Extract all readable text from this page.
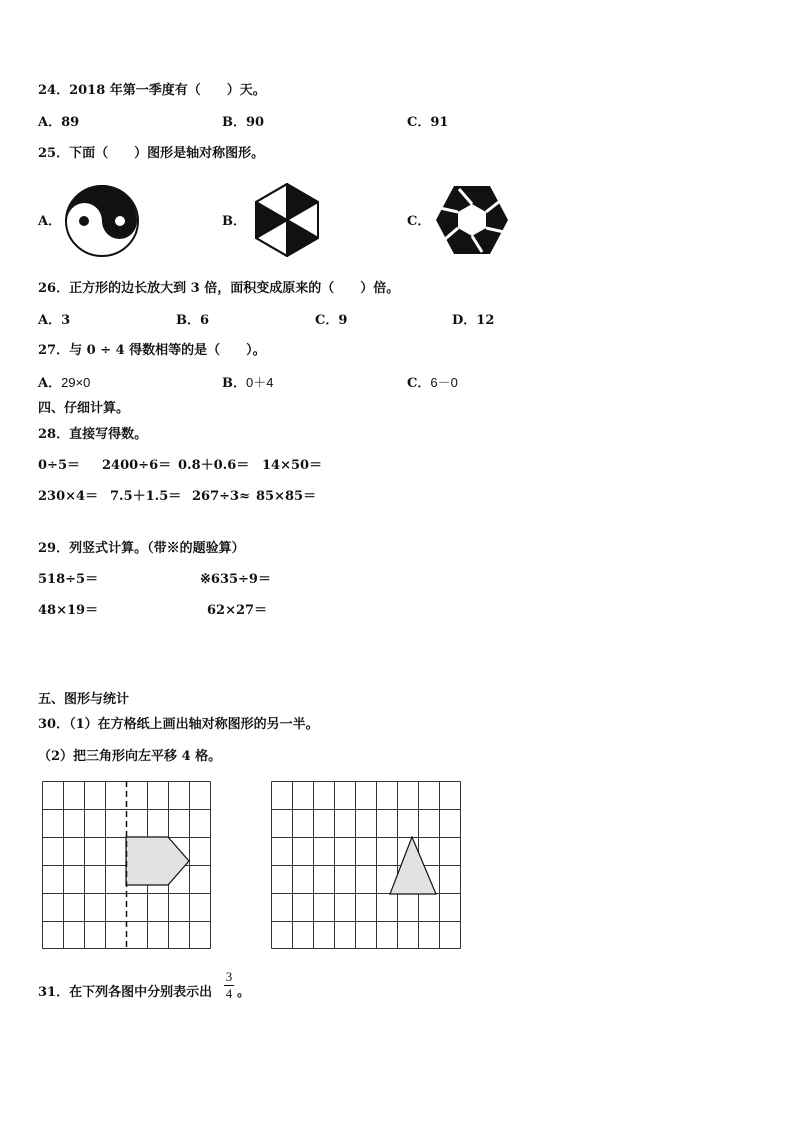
24．2018 年第一季度有（　　）天。
A．89	B．90	C．91
25．下面（　　）图形是轴对称图形。
A．	B．	C．
26．正方形的边长放大到 3 倍，面积变成原来的（　　）倍。
A．3	B．6	C．9	D．12
27．与 0 ÷ 4 得数相等的是（　　）。
A．29×0	B．0＋4	C．6－0
四、仔细计算。
28．直接写得数。
0÷5＝ 2400÷6＝ 0.8＋0.6＝ 14×50＝
230×4＝ 7.5＋1.5＝ 267÷3≈ 85×85＝
29．列竖式计算。（带※的题验算）
518÷5＝	※635÷9＝
48×19＝	62×27＝
五、图形与统计
30．（1）在方格纸上画出轴对称图形的另一半。
（2）把三角形向左平移 4 格。
31．在下列各图中分别表示出
3
4 。
